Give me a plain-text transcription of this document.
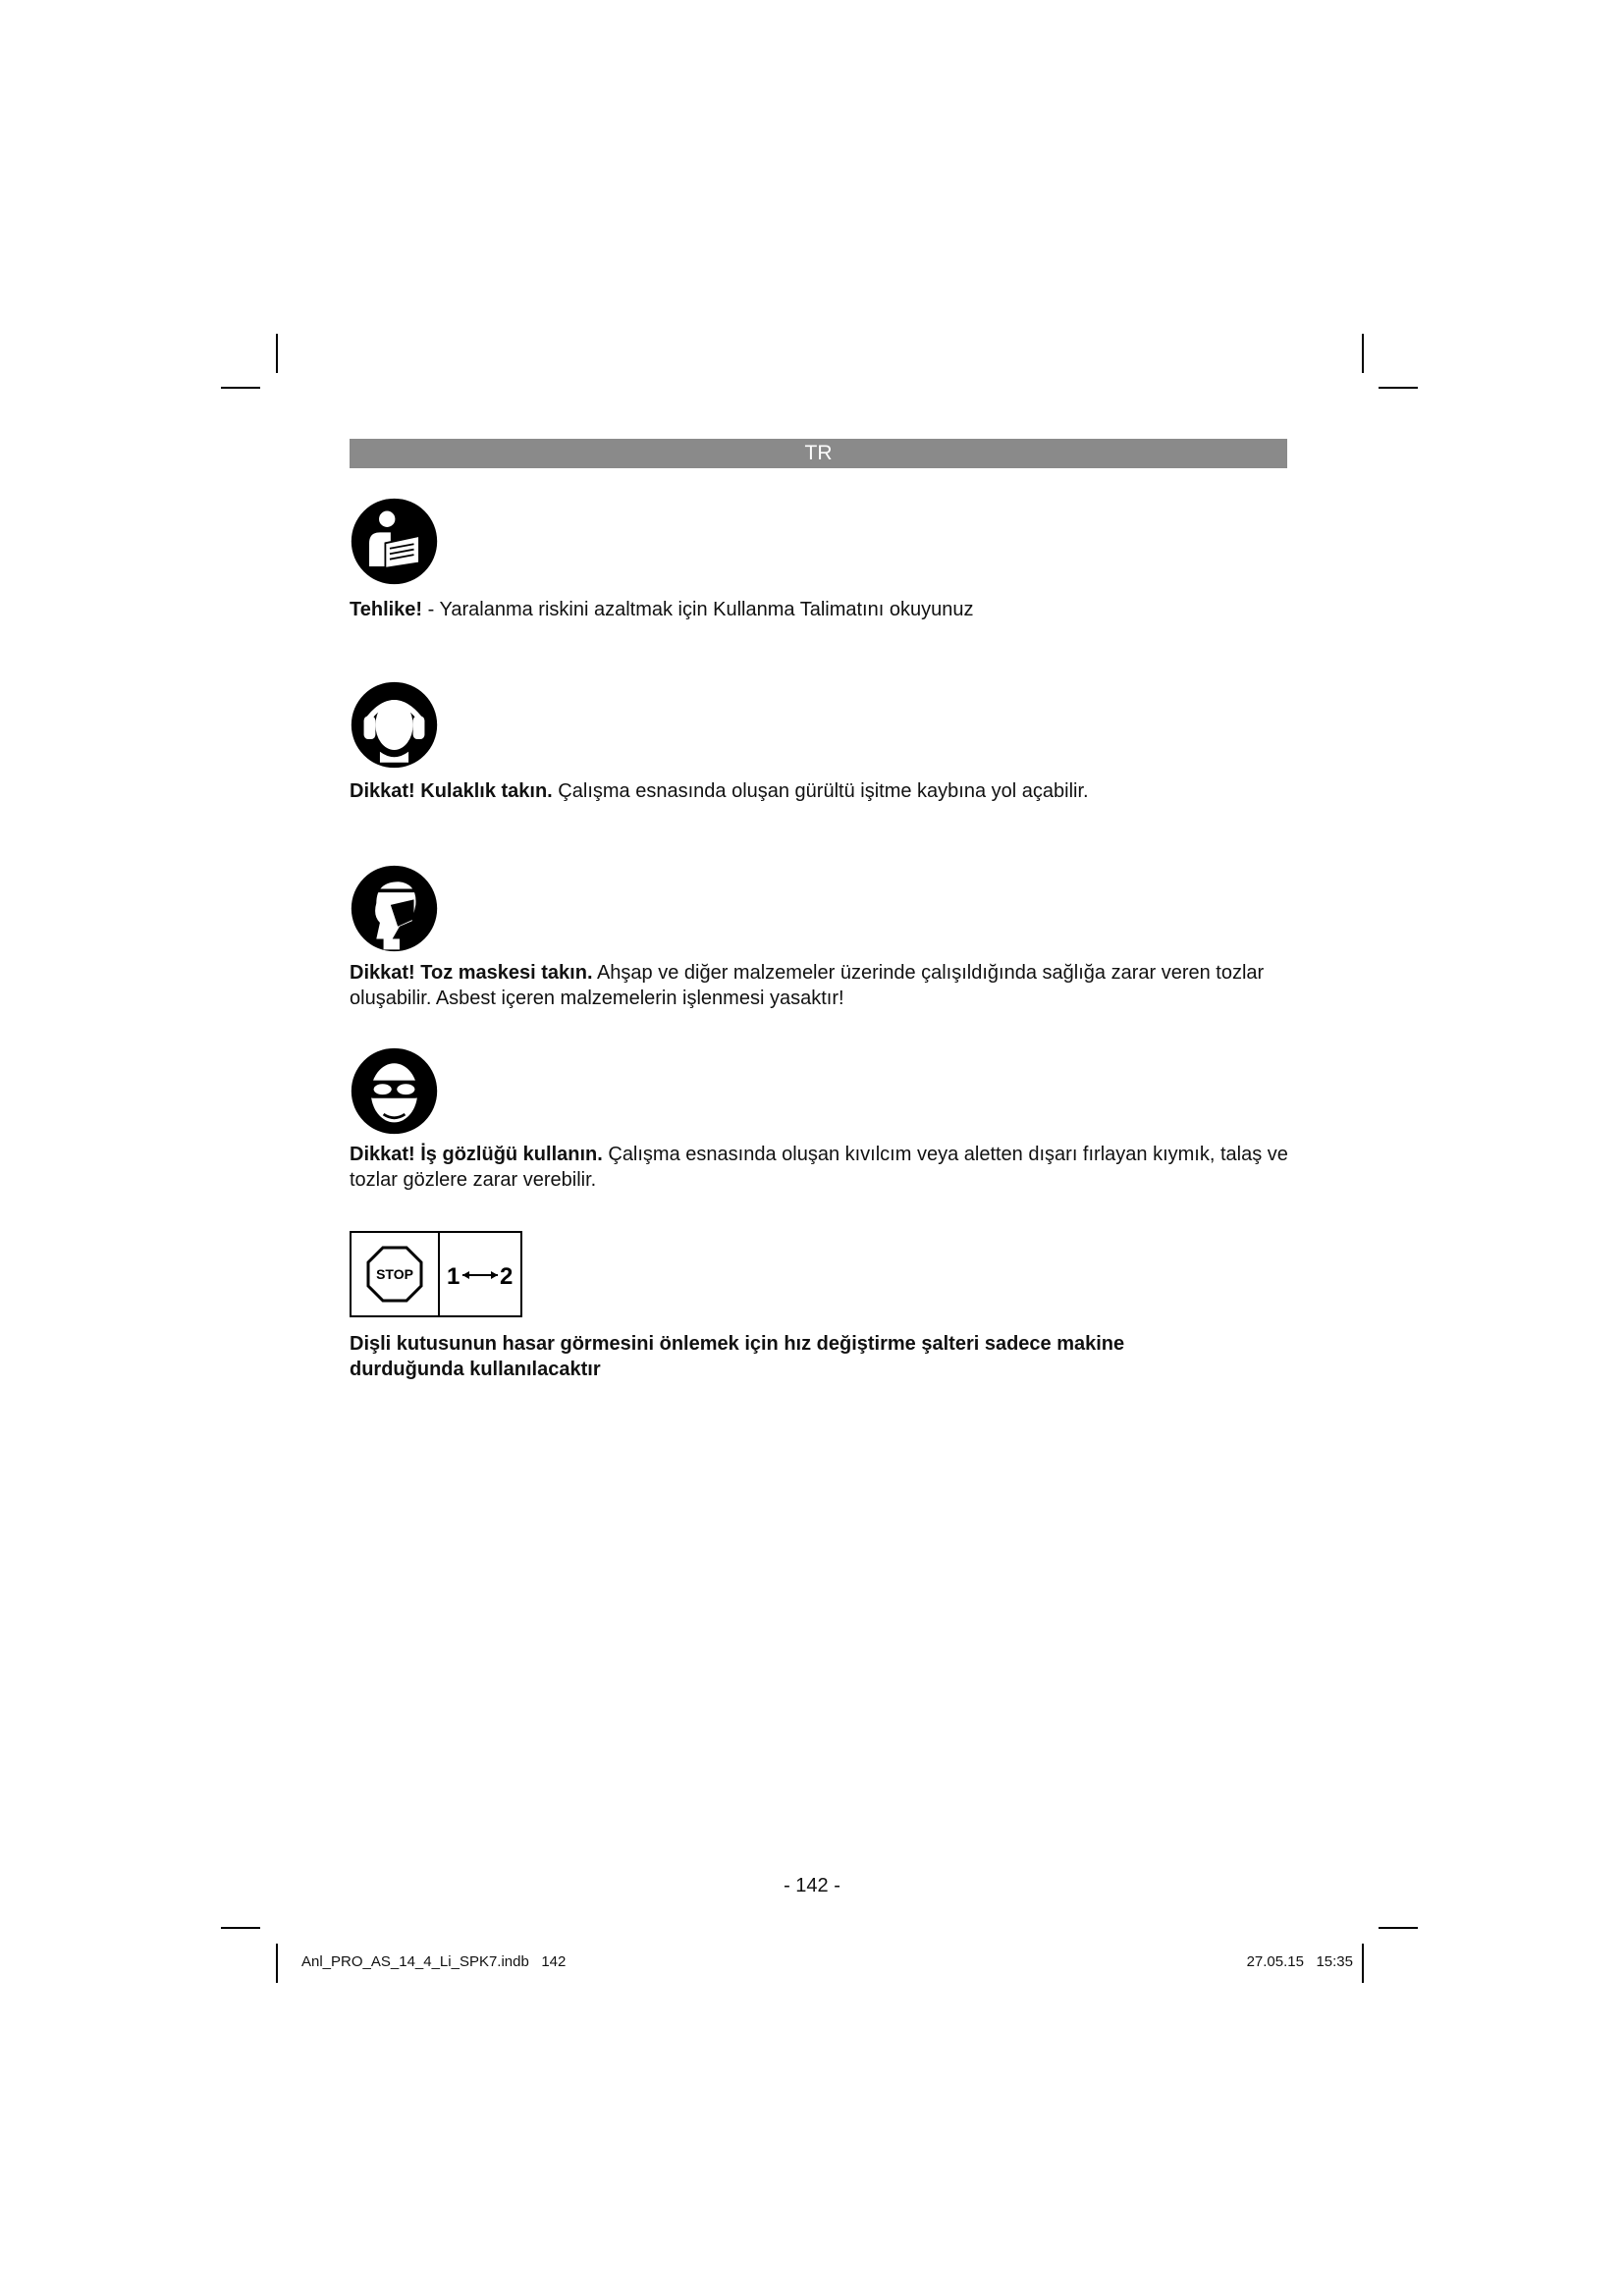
TR
Tehlike! - Yaralanma riskini azaltmak için Kullanma Talimatını okuyunuz
Dikkat! Kulaklık takın. Çalışma esnasında oluşan gürültü işitme kaybına yol açabilir.
Dikkat! Toz maskesi takın. Ahşap ve diğer malzemeler üzerinde çalışıldığında sağlığa zarar veren tozlar oluşabilir. Asbest içeren malzemelerin işlenmesi yasaktır!
Dikkat! İş gözlüğü kullanın. Çalışma esnasında oluşan kıvılcım veya aletten dışarı fırlayan kıymık, talaş ve tozlar gözlere zarar verebilir.
STOP 1 2
Dişli kutusunun hasar görmesini önlemek için hız değiştirme şalteri sadece makine durduğunda kullanılacaktır
- 142 -
Anl_PRO_AS_14_4_Li_SPK7.indb   142	27.05.15   15:35
